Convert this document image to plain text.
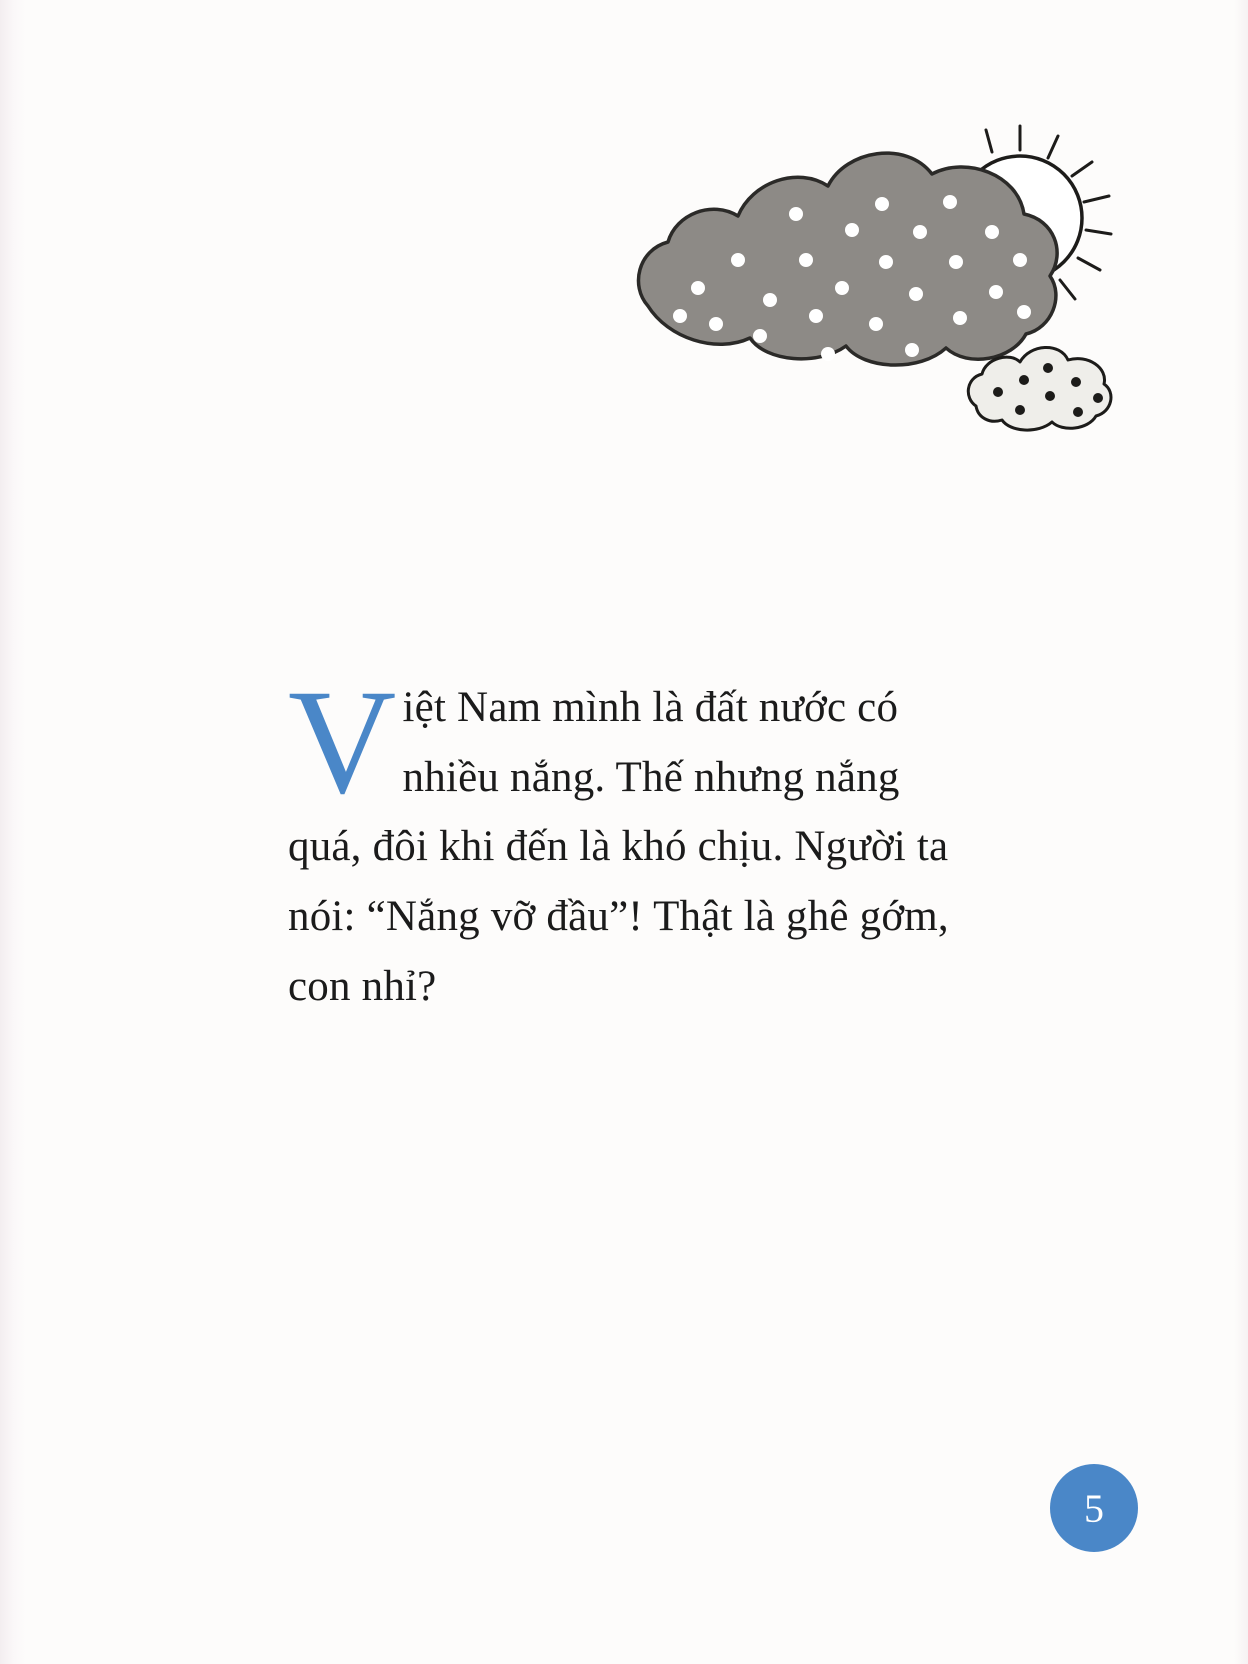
Việt Nam mình là đất nước có nhiều nắng. Thế nhưng nắng quá, đôi khi đến là khó chịu. Người ta nói: “Nắng vỡ đầu”! Thật là ghê gớm, con nhỉ?

5
